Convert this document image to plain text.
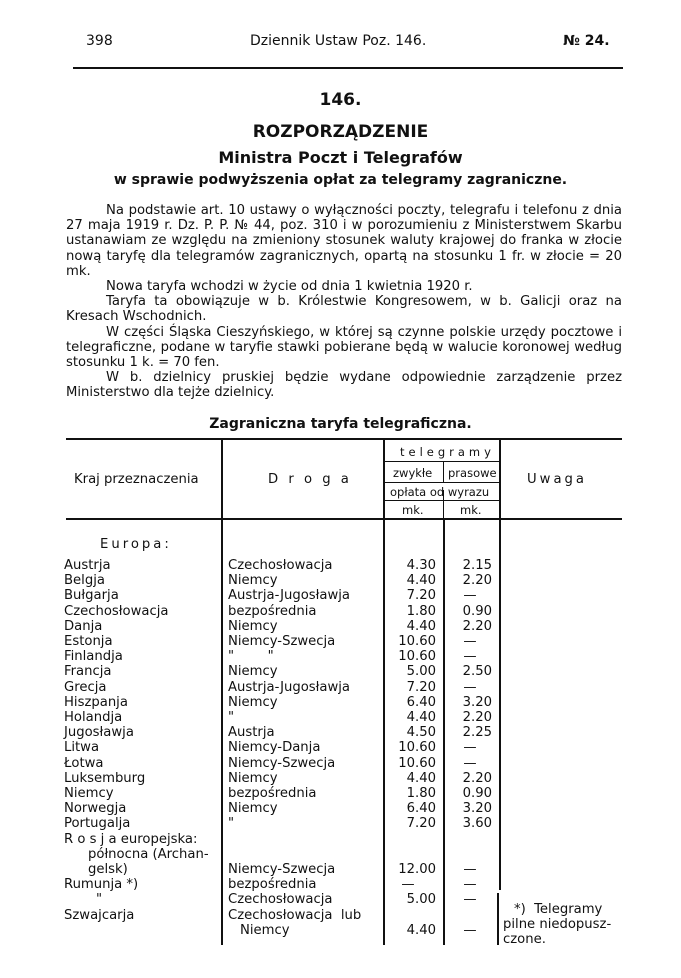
398	Dziennik Ustaw Poz. 146.	№ 24.
146.
ROZPORZĄDZENIE
Ministra Poczt i Telegrafów
w sprawie podwyższenia opłat za telegramy zagraniczne.

Na podstawie art. 10 ustawy o wyłączności poczty, telegrafu i telefonu z dnia 27 maja 1919 r. Dz. P. P. № 44, poz. 310 i w porozumieniu z Ministerstwem Skarbu ustanawiam ze względu na zmieniony stosunek waluty krajowej do franka w złocie nową taryfę dla telegramów zagranicznych, opartą na stosunku 1 fr. w złocie = 20 mk.

Nowa taryfa wchodzi w życie od dnia 1 kwietnia 1920 r.

Taryfa ta obowiązuje w b. Królestwie Kongresowem, w b. Galicji oraz na Kresach Wschodnich.

W części Śląska Cieszyńskiego, w której są czynne polskie urzędy pocztowe i telegraficzne, podane w taryfie stawki pobierane będą w walucie koronowej według stosunku 1 k. = 70 fen.

W b. dzielnicy pruskiej będzie wydane odpowiednie zarządzenie przez Ministerstwo dla tejże dzielnicy.

Zagraniczna taryfa telegraficzna.
Kraj przeznaczenia	D r o g a
telegramy
zwykłe prasowe
opłata od wyrazu
mk.	mk.
Uwaga
Europa:
Austrja	Czechosłowacja	4.30	2.15
Belgja	Niemcy	4.40	2.20
Bułgarja	Austrja-Jugosławja	7.20	—
Czechosłowacja	bezpośrednia	1.80	0.90
Danja	Niemcy	4.40	2.20
Estonja	Niemcy-Szwecja	10.60	—
Finlandja	"        "	10.60	—
Francja	Niemcy	5.00	2.50
Grecja	Austrja-Jugosławja	7.20	—
Hiszpanja	Niemcy	6.40	3.20
Holandja	"	4.40	2.20
Jugosławja	Austrja	4.50	2.25
Litwa	Niemcy-Danja	10.60	—
Łotwa	Niemcy-Szwecja	10.60	—
Luksemburg	Niemcy	4.40	2.20
Niemcy	bezpośrednia	1.80	0.90
Norwegja	Niemcy	6.40	3.20
Portugalja	"	7.20	3.60
R o s j a europejska:
północna (Archan-
gelsk)	Niemcy-Szwecja	12.00	—
Rumunja *)	bezpośrednia	—	—
"	Czechosłowacja	5.00	—
Szwajcarja	Czechosłowacja  lub
Niemcy	4.40	—
*)  Telegramy
pilne niedopusz-
czone.
